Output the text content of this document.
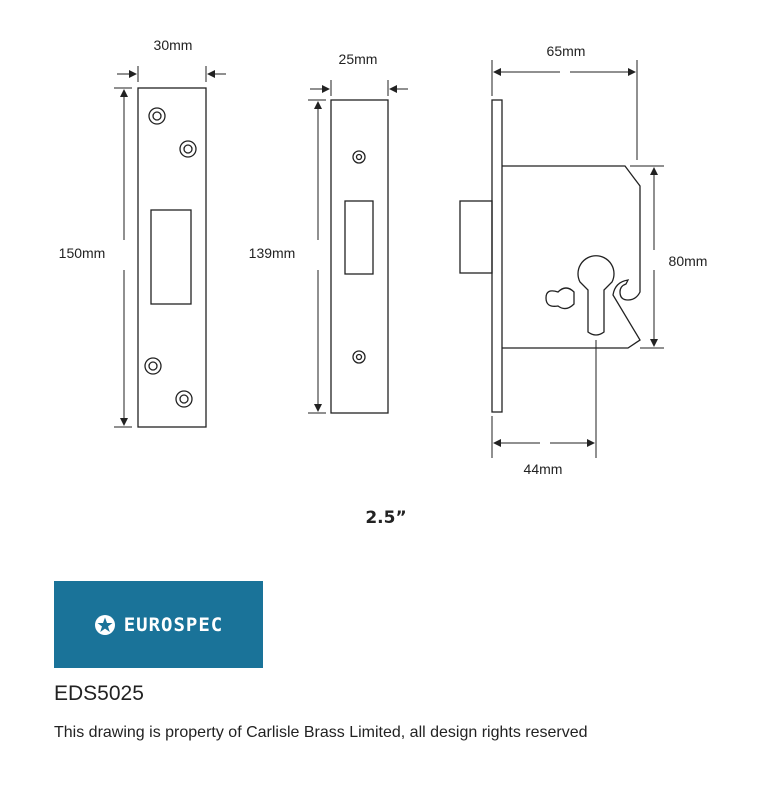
30mm
150mm
25mm
139mm
65mm
80mm
44mm
2.5”
EUROSPEC
EDS5025
This drawing is property of Carlisle Brass Limited, all design rights reserved
